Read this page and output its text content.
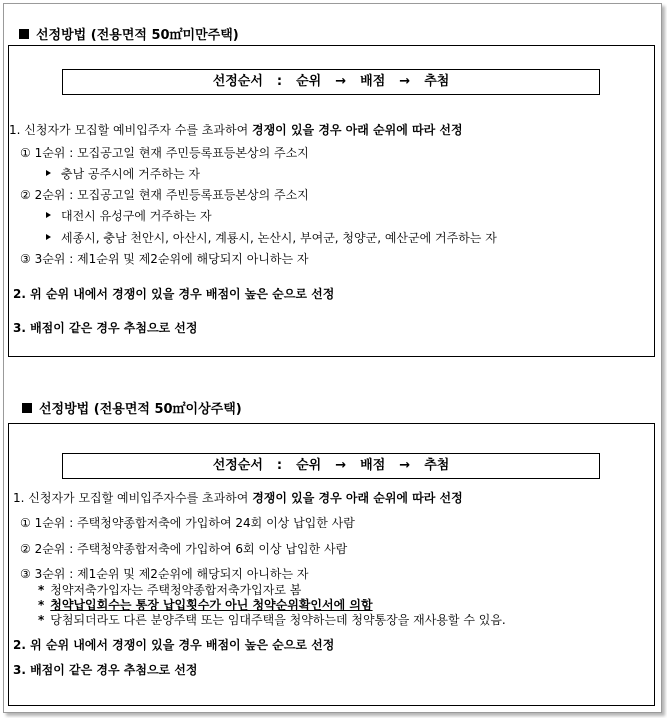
선정방법 (전용면적 50㎡미만주택)
선정순서 : 순위 → 배점 → 추첨
1. 신청자가 모집할 예비입주자 수를 초과하여 경쟁이 있을 경우 아래 순위에 따라 선정
① 1순위 : 모집공고일 현재 주민등록표등본상의 주소지
충남 공주시에 거주하는 자
② 2순위 : 모집공고일 현재 주빈등록표등본상의 주소지
대전시 유성구에 거주하는 자
세종시, 충남 천안시, 아산시, 계룡시, 논산시, 부여군, 청양군, 예산군에 거주하는 자
③ 3순위 : 제1순위 및 제2순위에 해당되지 아니하는 자
2. 위 순위 내에서 경쟁이 있을 경우 배점이 높은 순으로 선정
3. 배점이 같은 경우 추첨으로 선정
선정방법 (전용면적 50㎡이상주택)
선정순서 : 순위 → 배점 → 추첨
1. 신청자가 모집할 예비입주자수를 초과하여 경쟁이 있을 경우 아래 순위에 따라 선정
① 1순위 : 주택청약종합저축에 가입하여 24회 이상 납입한 사람
② 2순위 : 주택청약종합저축에 가입하여 6회 이상 납입한 사람
③ 3순위 : 제1순위 및 제2순위에 해당되지 아니하는 자
* 청약저축가입자는 주택청약종합저축가입자로 봄
* 청약납입회수는 통장 납입횟수가 아닌 청약순위확인서에 의함
* 당첨되더라도 다른 분양주택 또는 임대주택을 청약하는데 청약통장을 재사용할 수 있음.
2. 위 순위 내에서 경쟁이 있을 경우 배점이 높은 순으로 선정
3. 배점이 같은 경우 추첨으로 선정
